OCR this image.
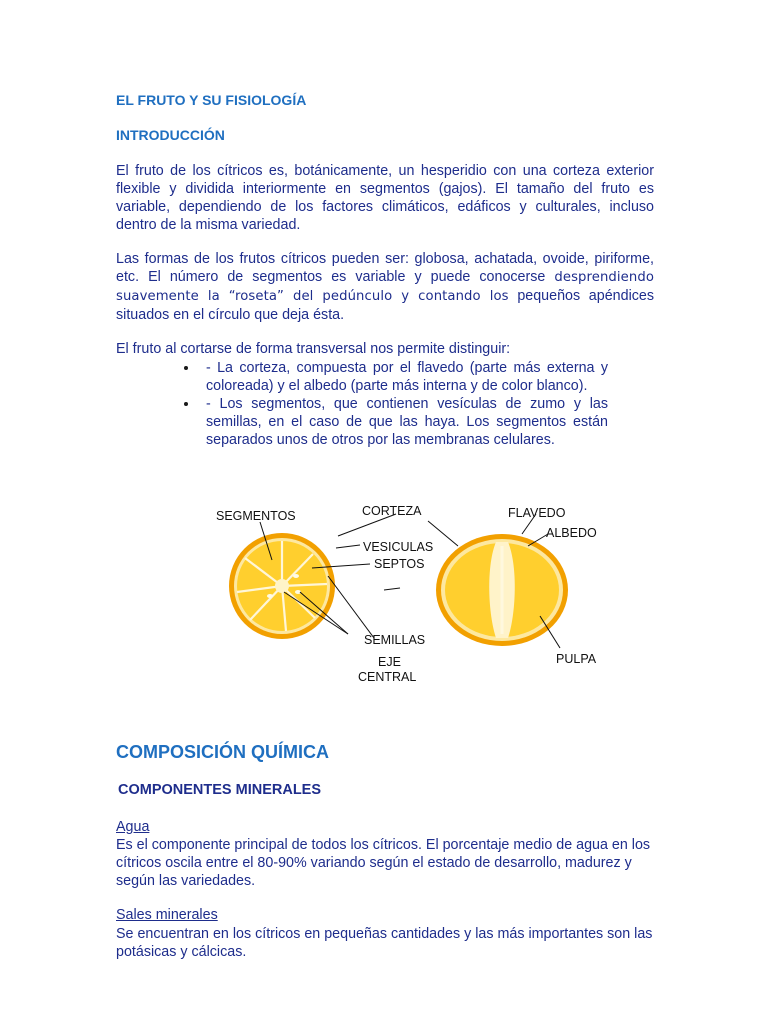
EL FRUTO Y SU FISIOLOGÍA

INTRODUCCIÓN

El fruto de los cítricos es, botánicamente, un hesperidio con una corteza exterior flexible y dividida interiormente en segmentos (gajos). El tamaño del fruto es variable, dependiendo de los factores climáticos, edáficos y culturales, incluso dentro de la misma variedad.

Las formas de los frutos cítricos pueden ser: globosa, achatada, ovoide, piriforme, etc. El número de segmentos es variable y puede conocerse desprendiendo suavemente la “roseta” del pedúnculo y contando los pequeños apéndices situados en el círculo que deja ésta.

El fruto al cortarse de forma transversal nos permite distinguir:

- La corteza, compuesta por el flavedo (parte más externa y coloreada) y el albedo (parte más interna y de color blanco).
- Los segmentos, que contienen vesículas de zumo y las semillas, en el caso de que las haya. Los segmentos están separados unos de otros por las membranas celulares.
SEGMENTOS	CORTEZA
VESICULAS
SEPTOS
SEMILLAS
EJE
CENTRAL
FLAVEDO
ALBEDO
PULPA

COMPOSICIÓN QUÍMICA

COMPONENTES MINERALES

Agua

Es el componente principal de todos los cítricos. El porcentaje medio de agua en los cítricos oscila entre el 80-90% variando según el estado de desarrollo, madurez y según las variedades.

Sales minerales

Se encuentran en los cítricos en pequeñas cantidades y las más importantes son las potásicas y cálcicas.
